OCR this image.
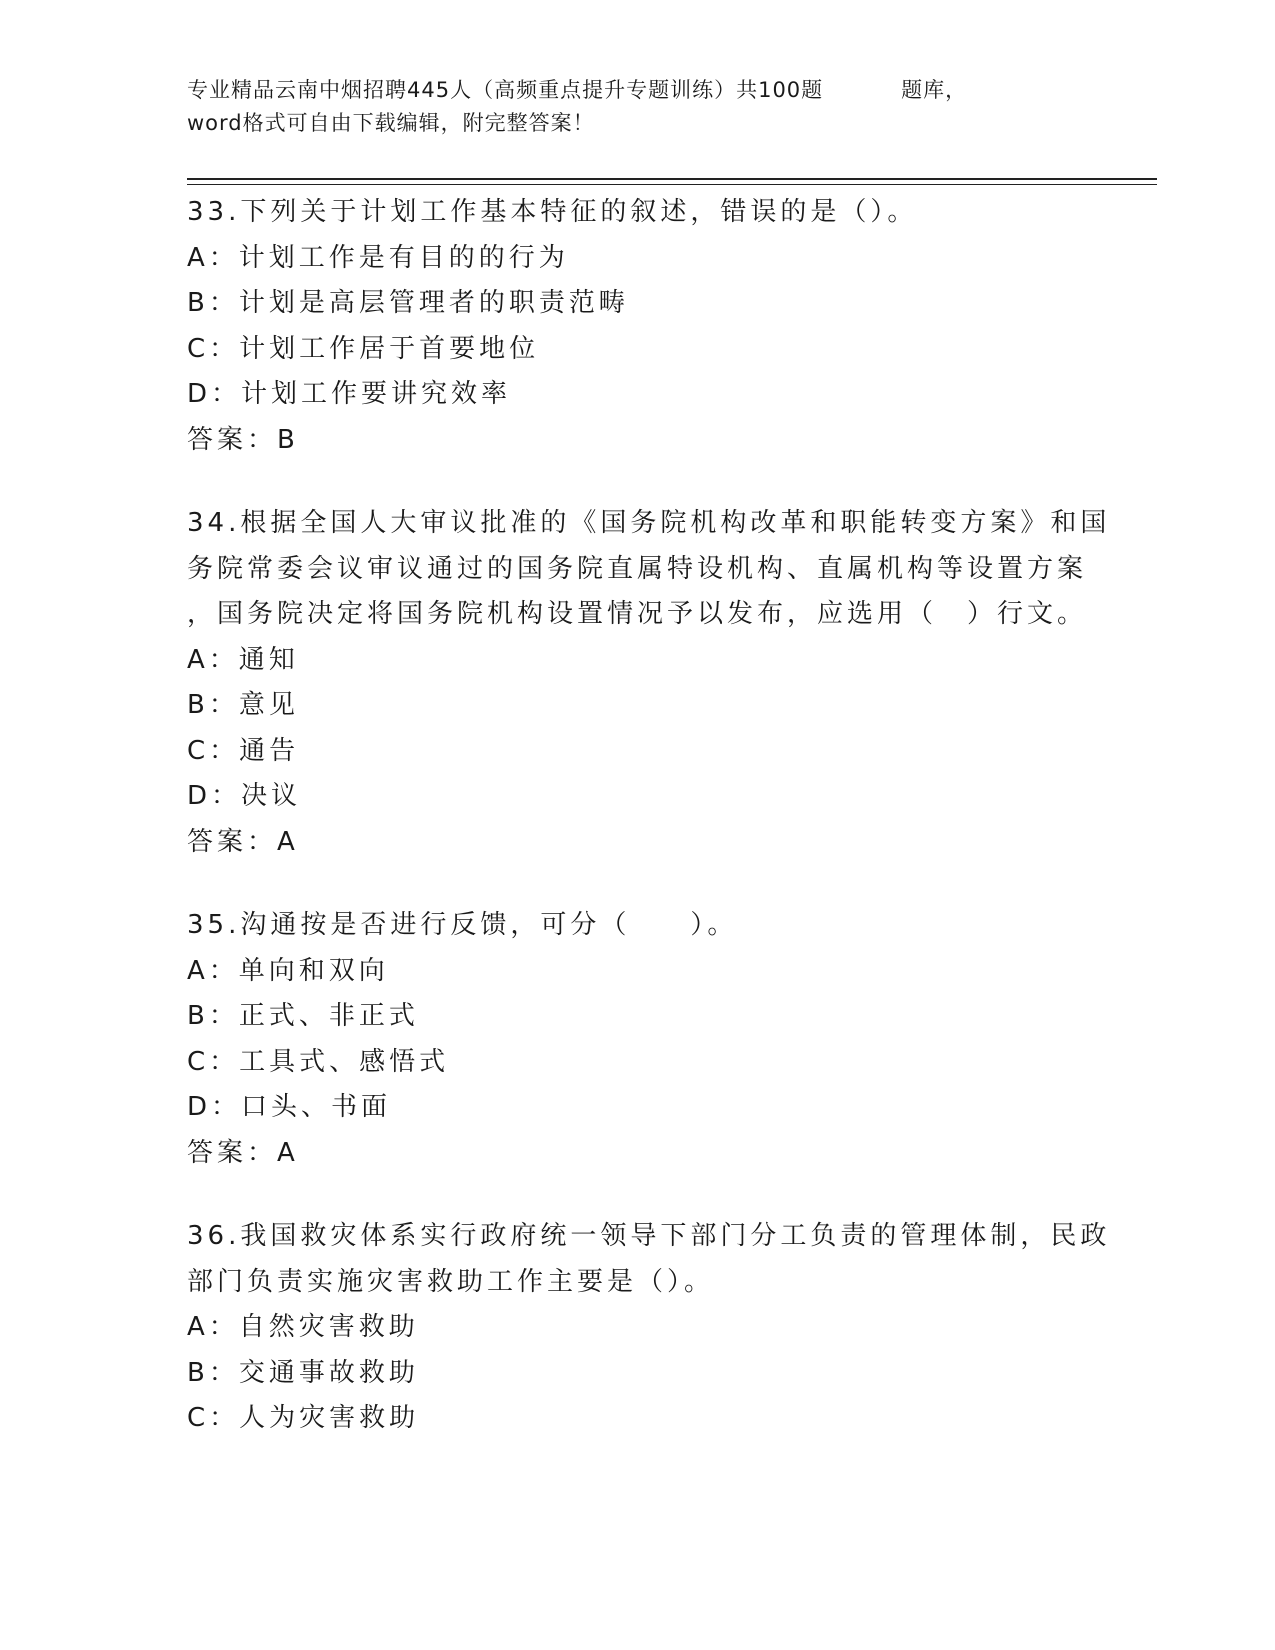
专业精品云南中烟招聘445人（高频重点提升专题训练）共100题	题库，
word格式可自由下载编辑，附完整答案！
33.下列关于计划工作基本特征的叙述，错误的是（）。
A：计划工作是有目的的行为
B：计划是高层管理者的职责范畴
C：计划工作居于首要地位
D：计划工作要讲究效率
答案：B
34.根据全国人大审议批准的《国务院机构改革和职能转变方案》和国
务院常委会议审议通过的国务院直属特设机构、直属机构等设置方案
，国务院决定将国务院机构设置情况予以发布，应选用（　）行文。
A：通知
B：意见
C：通告
D：决议
答案：A
35.沟通按是否进行反馈，可分（　　）。
A：单向和双向
B：正式、非正式
C：工具式、感悟式
D：口头、书面
答案：A
36.我国救灾体系实行政府统一领导下部门分工负责的管理体制，民政
部门负责实施灾害救助工作主要是（）。
A：自然灾害救助
B：交通事故救助
C：人为灾害救助
